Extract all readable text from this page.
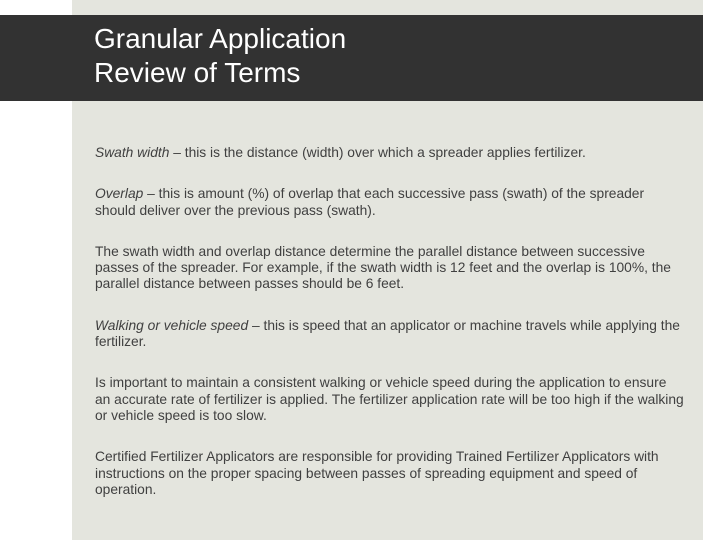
Granular Application
Review of Terms

Swath width – this is the distance (width) over which a spreader applies fertilizer.

Overlap – this is amount (%) of overlap that each successive pass (swath) of the spreader should deliver over the previous pass (swath).

The swath width and overlap distance determine the parallel distance between successive passes of the spreader. For example, if the swath width is 12 feet and the overlap is 100%, the parallel distance between passes should be 6 feet.

Walking or vehicle speed – this is speed that an applicator or machine travels while applying the fertilizer.

Is important to maintain a consistent walking or vehicle speed during the application to ensure an accurate rate of fertilizer is applied. The fertilizer application rate will be too high if the walking or vehicle speed is too slow.

Certified Fertilizer Applicators are responsible for providing Trained Fertilizer Applicators with instructions on the proper spacing between passes of spreading equipment and speed of operation.
